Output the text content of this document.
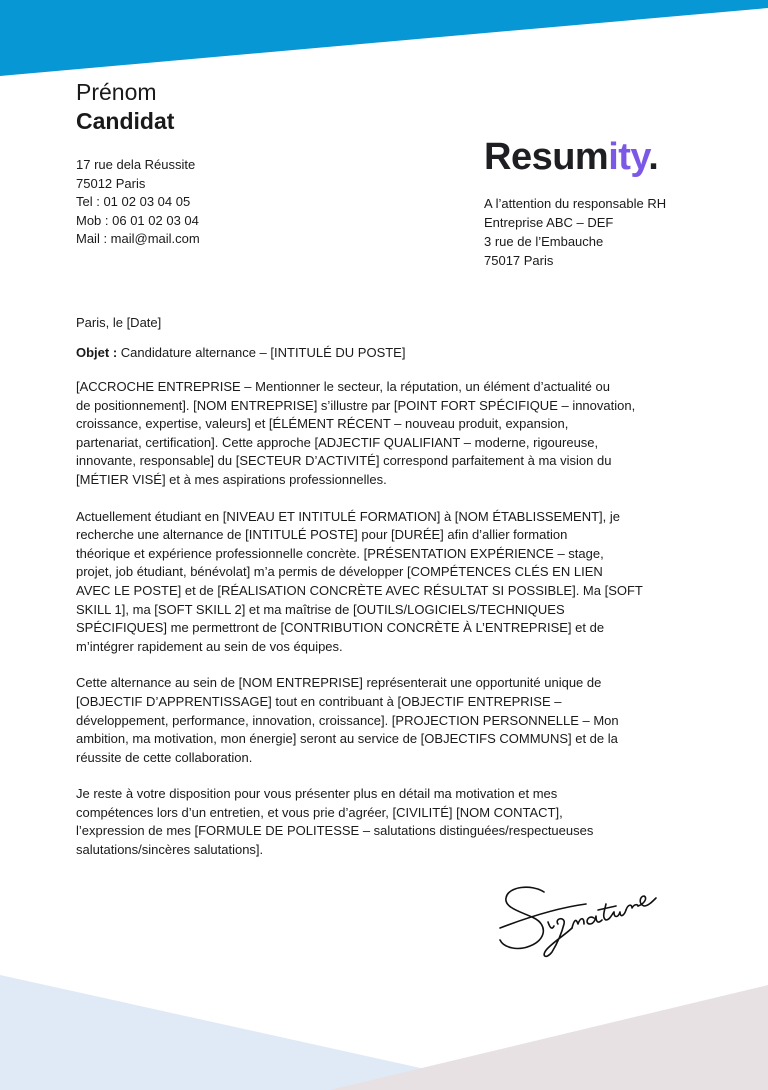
Prénom
Candidat
17 rue dela Réussite
75012 Paris
Tel : 01 02 03 04 05
Mob : 06 01 02 03 04
Mail : mail@mail.com
Resumity.
A l’attention du responsable RH
Entreprise ABC – DEF
3 rue de l’Embauche
75017 Paris
Paris, le [Date]
Objet : Candidature alternance – [INTITULÉ DU POSTE]
[ACCROCHE ENTREPRISE – Mentionner le secteur, la réputation, un élément d’actualité ou
de positionnement]. [NOM ENTREPRISE] s’illustre par [POINT FORT SPÉCIFIQUE – innovation,
croissance, expertise, valeurs] et [ÉLÉMENT RÉCENT – nouveau produit, expansion,
partenariat, certification]. Cette approche [ADJECTIF QUALIFIANT – moderne, rigoureuse,
innovante, responsable] du [SECTEUR D’ACTIVITÉ] correspond parfaitement à ma vision du
[MÉTIER VISÉ] et à mes aspirations professionnelles.
Actuellement étudiant en [NIVEAU ET INTITULÉ FORMATION] à [NOM ÉTABLISSEMENT], je
recherche une alternance de [INTITULÉ POSTE] pour [DURÉE] afin d’allier formation
théorique et expérience professionnelle concrète. [PRÉSENTATION EXPÉRIENCE – stage,
projet, job étudiant, bénévolat] m’a permis de développer [COMPÉTENCES CLÉS EN LIEN
AVEC LE POSTE] et de [RÉALISATION CONCRÈTE AVEC RÉSULTAT SI POSSIBLE]. Ma [SOFT
SKILL 1], ma [SOFT SKILL 2] et ma maîtrise de [OUTILS/LOGICIELS/TECHNIQUES
SPÉCIFIQUES] me permettront de [CONTRIBUTION CONCRÈTE À L’ENTREPRISE] et de
m’intégrer rapidement au sein de vos équipes.
Cette alternance au sein de [NOM ENTREPRISE] représenterait une opportunité unique de
[OBJECTIF D’APPRENTISSAGE] tout en contribuant à [OBJECTIF ENTREPRISE –
développement, performance, innovation, croissance]. [PROJECTION PERSONNELLE – Mon
ambition, ma motivation, mon énergie] seront au service de [OBJECTIFS COMMUNS] et de la
réussite de cette collaboration.
Je reste à votre disposition pour vous présenter plus en détail ma motivation et mes
compétences lors d’un entretien, et vous prie d’agréer, [CIVILITÉ] [NOM CONTACT],
l’expression de mes [FORMULE DE POLITESSE – salutations distinguées/respectueuses
salutations/sincères salutations].
